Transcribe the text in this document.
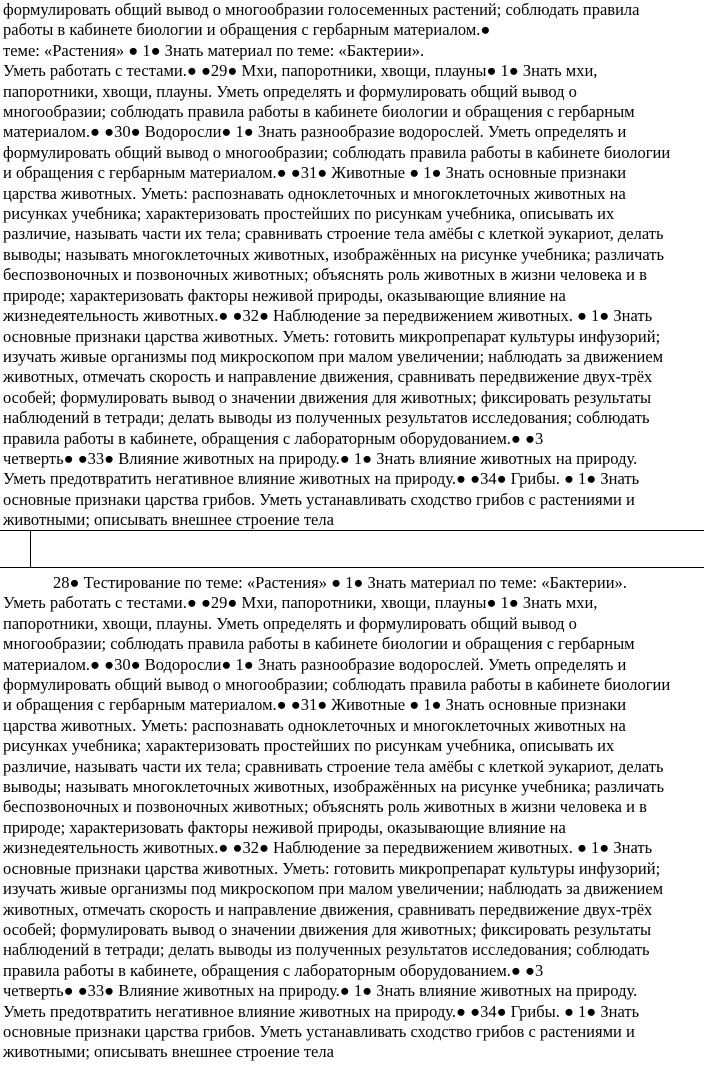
формулировать общий вывод о многообразии голосеменных растений; соблюдать правила

работы в кабинете биологии и обращения с гербарным материалом.●

теме: «Растения» ● 1● Знать материал по теме: «Бактерии».

Уметь работать с тестами.● ●29● Мхи, папоротники, хвощи, плауны● 1● Знать мхи,

папоротники, хвощи, плауны. Уметь определять и формулировать общий вывод о

многообразии; соблюдать правила работы в кабинете биологии и обращения с гербарным

материалом.● ●30● Водоросли● 1● Знать разнообразие водорослей. Уметь определять и

формулировать общий вывод о многообразии; соблюдать правила работы в кабинете биологии

и обращения с гербарным материалом.● ●31● Животные ● 1● Знать основные признаки

царства животных. Уметь: распознавать одноклеточных и многоклеточных животных на

рисунках учебника; характеризовать простейших по рисункам учебника, описывать их

различие, называть части их тела; сравнивать строение тела амёбы с клеткой эукариот, делать

выводы; называть многоклеточных животных, изображённых на рисунке учебника; различать

беспозвоночных и позвоночных животных; объяснять роль животных в жизни человека и в

природе; характеризовать факторы неживой природы, оказывающие влияние на

жизнедеятельность животных.● ●32● Наблюдение за передвижением животных. ● 1● Знать

основные признаки царства животных. Уметь: готовить микропрепарат культуры инфузорий;

изучать живые организмы под микроскопом при малом увеличении; наблюдать за движением

животных, отмечать скорость и направление движения, сравнивать передвижение двух-трёх

особей; формулировать вывод о значении движения для животных; фиксировать результаты

наблюдений в тетради; делать выводы из полученных результатов исследования; соблюдать

правила работы в кабинете, обращения с лабораторным оборудованием.● ●3

четверть● ●33● Влияние животных на природу.● 1● Знать влияние животных на природу.

Уметь предотвратить негативное влияние животных на природу.● ●34● Грибы. ● 1● Знать

основные признаки царства грибов. Уметь устанавливать сходство грибов с растениями и

животными; описывать внешнее строение тела

28● Тестирование по теме: «Растения» ● 1● Знать материал по теме: «Бактерии».

Уметь работать с тестами.● ●29● Мхи, папоротники, хвощи, плауны● 1● Знать мхи,

папоротники, хвощи, плауны. Уметь определять и формулировать общий вывод о

многообразии; соблюдать правила работы в кабинете биологии и обращения с гербарным

материалом.● ●30● Водоросли● 1● Знать разнообразие водорослей. Уметь определять и

формулировать общий вывод о многообразии; соблюдать правила работы в кабинете биологии

и обращения с гербарным материалом.● ●31● Животные ● 1● Знать основные признаки

царства животных. Уметь: распознавать одноклеточных и многоклеточных животных на

рисунках учебника; характеризовать простейших по рисункам учебника, описывать их

различие, называть части их тела; сравнивать строение тела амёбы с клеткой эукариот, делать

выводы; называть многоклеточных животных, изображённых на рисунке учебника; различать

беспозвоночных и позвоночных животных; объяснять роль животных в жизни человека и в

природе; характеризовать факторы неживой природы, оказывающие влияние на

жизнедеятельность животных.● ●32● Наблюдение за передвижением животных. ● 1● Знать

основные признаки царства животных. Уметь: готовить микропрепарат культуры инфузорий;

изучать живые организмы под микроскопом при малом увеличении; наблюдать за движением

животных, отмечать скорость и направление движения, сравнивать передвижение двух-трёх

особей; формулировать вывод о значении движения для животных; фиксировать результаты

наблюдений в тетради; делать выводы из полученных результатов исследования; соблюдать

правила работы в кабинете, обращения с лабораторным оборудованием.● ●3

четверть● ●33● Влияние животных на природу.● 1● Знать влияние животных на природу.

Уметь предотвратить негативное влияние животных на природу.● ●34● Грибы. ● 1● Знать

основные признаки царства грибов. Уметь устанавливать сходство грибов с растениями и

животными; описывать внешнее строение тела
